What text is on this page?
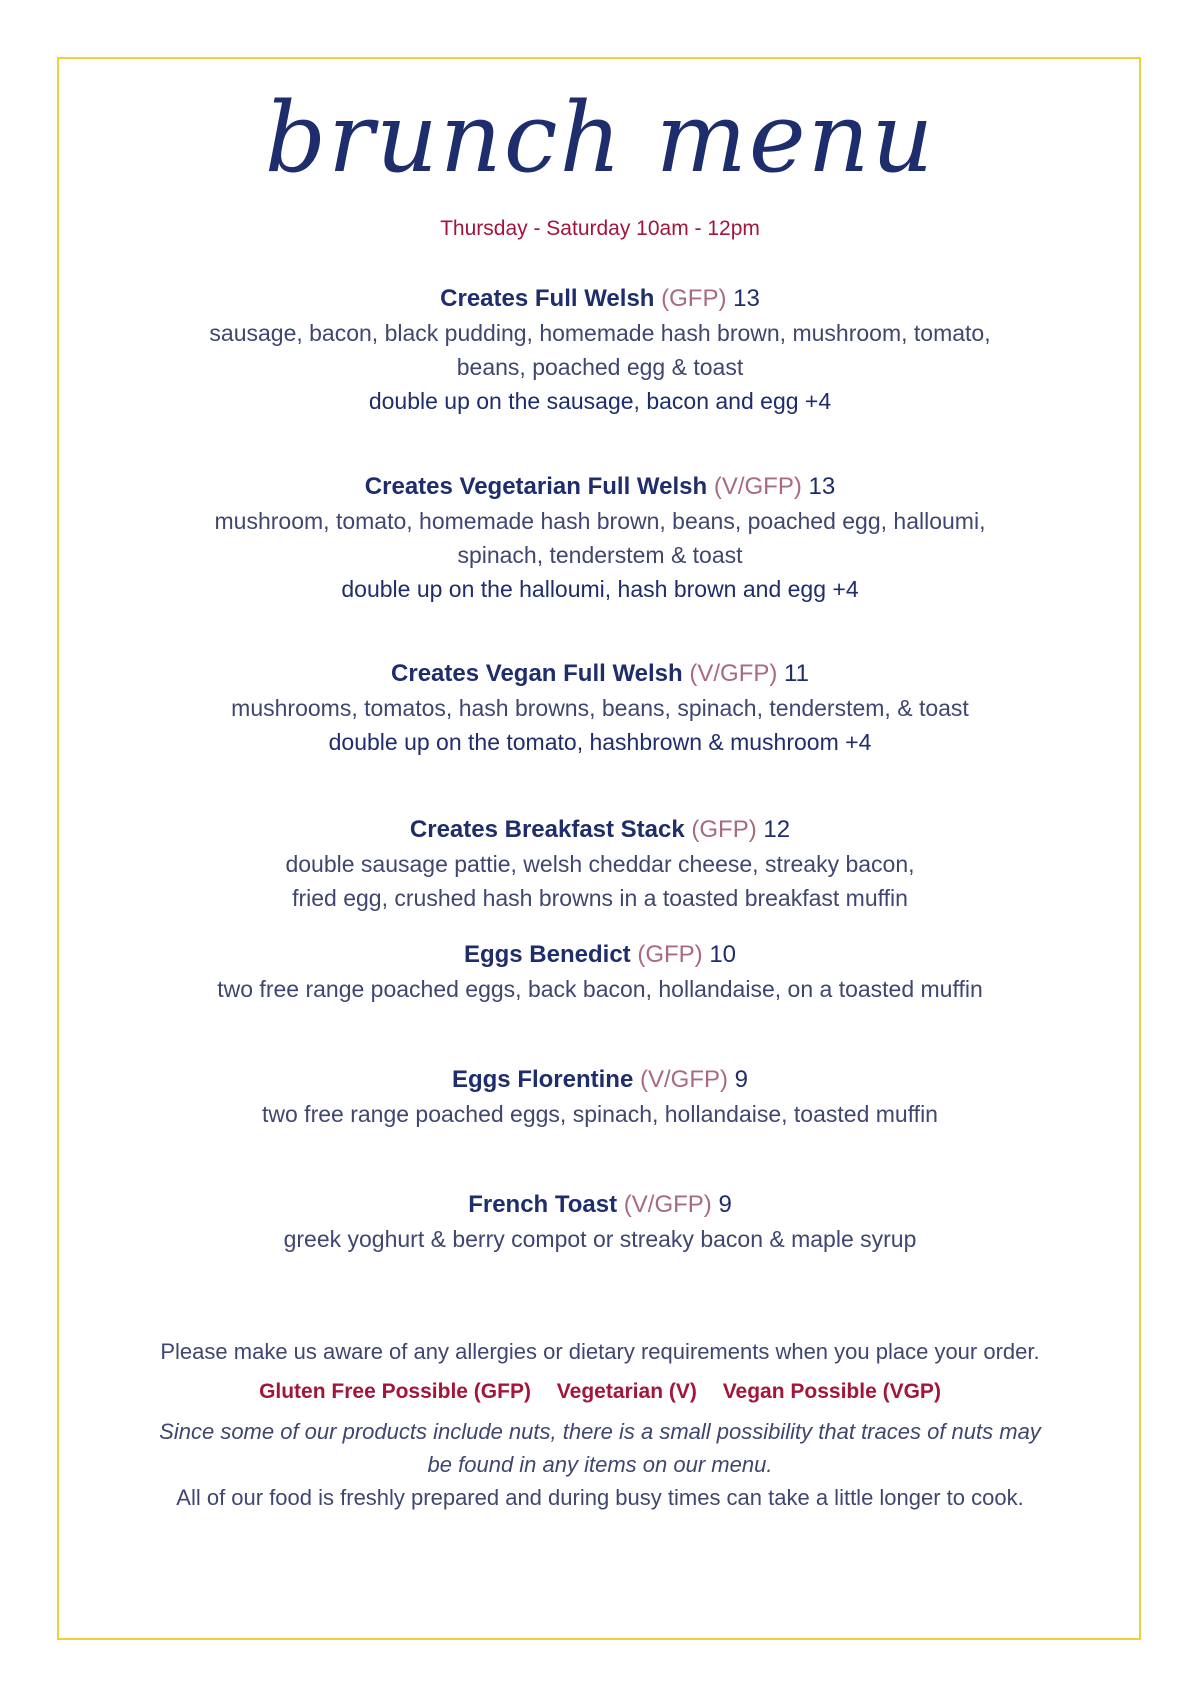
brunch menu
Thursday - Saturday 10am - 12pm
Creates Full Welsh (GFP) 13
sausage, bacon, black pudding, homemade hash brown, mushroom, tomato,
beans, poached egg & toast
double up on the sausage, bacon and egg +4
Creates Vegetarian Full Welsh (V/GFP) 13
mushroom, tomato, homemade hash brown, beans, poached egg, halloumi,
spinach, tenderstem & toast
double up on the halloumi, hash brown and egg +4
Creates Vegan Full Welsh (V/GFP) 11
mushrooms, tomatos, hash browns, beans, spinach, tenderstem, & toast
double up on the tomato, hashbrown & mushroom +4
Creates Breakfast Stack (GFP) 12
double sausage pattie, welsh cheddar cheese, streaky bacon,
fried egg, crushed hash browns in a toasted breakfast muffin
Eggs Benedict (GFP) 10
two free range poached eggs, back bacon, hollandaise, on a toasted muffin
Eggs Florentine (V/GFP) 9
two free range poached eggs, spinach, hollandaise, toasted muffin
French Toast (V/GFP) 9
greek yoghurt & berry compot or streaky bacon & maple syrup
Please make us aware of any allergies or dietary requirements when you place your order.
Gluten Free Possible (GFP) Vegetarian (V) Vegan Possible (VGP)
Since some of our products include nuts, there is a small possibility that traces of nuts may
be found in any items on our menu.
All of our food is freshly prepared and during busy times can take a little longer to cook.
